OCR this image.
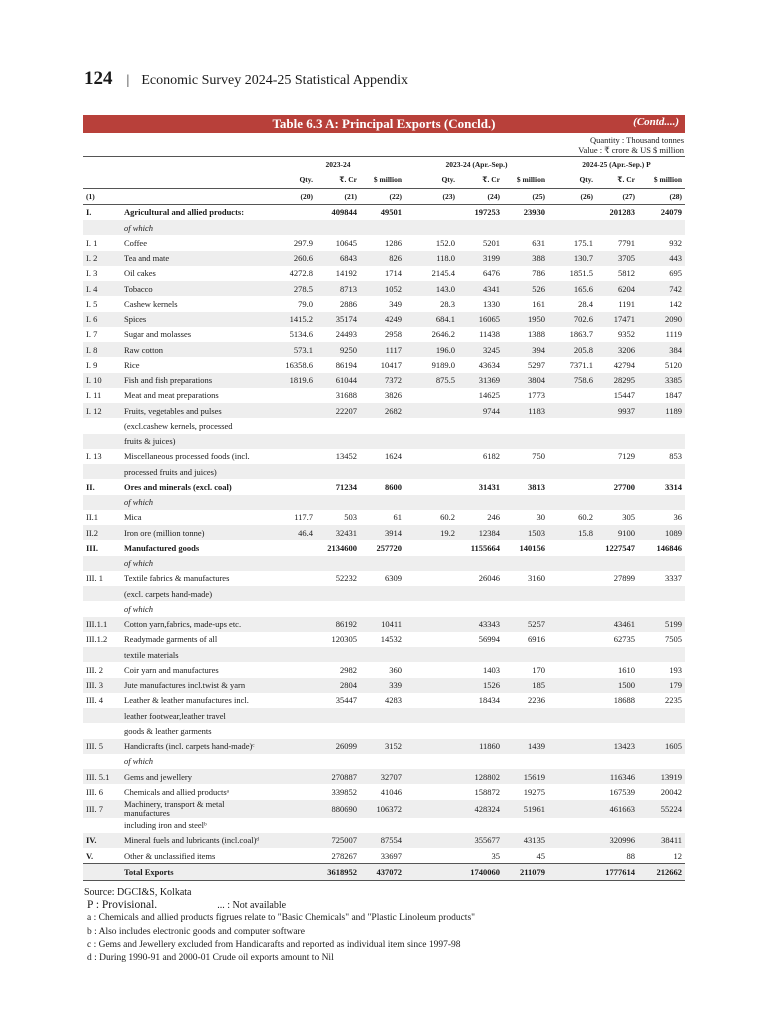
124 | Economic Survey 2024-25 Statistical Appendix
Table 6.3 A: Principal Exports (Concld.)	(Contd....)
Quantity : Thousand tonnes
Value : ₹ crore & US $ million
		2023-24			2023-24 (Apr.-Sep.)			2024-25 (Apr.-Sep.) P		
		Qty.	₹. Cr	$ million	Qty.	₹. Cr	$ million	Qty.	₹. Cr	$ million
(1)		(20)	(21)	(22)	(23)	(24)	(25)	(26)	(27)	(28)
I.	Agricultural and allied products:		409844	49501		197253	23930		201283	24079
	of which									
I. 1	Coffee	297.9	10645	1286	152.0	5201	631	175.1	7791	932
I. 2	Tea and mate	260.6	6843	826	118.0	3199	388	130.7	3705	443
I. 3	Oil cakes	4272.8	14192	1714	2145.4	6476	786	1851.5	5812	695
I. 4	Tobacco	278.5	8713	1052	143.0	4341	526	165.6	6204	742
I. 5	Cashew kernels	79.0	2886	349	28.3	1330	161	28.4	1191	142
I. 6	Spices	1415.2	35174	4249	684.1	16065	1950	702.6	17471	2090
I. 7	Sugar and molasses	5134.6	24493	2958	2646.2	11438	1388	1863.7	9352	1119
I. 8	Raw cotton	573.1	9250	1117	196.0	3245	394	205.8	3206	384
I. 9	Rice	16358.6	86194	10417	9189.0	43634	5297	7371.1	42794	5120
I. 10	Fish and fish preparations	1819.6	61044	7372	875.5	31369	3804	758.6	28295	3385
I. 11	Meat and meat preparations		31688	3826		14625	1773		15447	1847
I. 12	Fruits, vegetables and pulses		22207	2682		9744	1183		9937	1189
	(excl.cashew kernels, processed									
	fruits & juices)									
I. 13	Miscellaneous processed foods (incl.		13452	1624		6182	750		7129	853
	processed fruits and juices)									
II.	Ores and minerals (excl. coal)		71234	8600		31431	3813		27700	3314
	of which									
II.1	Mica	117.7	503	61	60.2	246	30	60.2	305	36
II.2	Iron ore (million tonne)	46.4	32431	3914	19.2	12384	1503	15.8	9100	1089
III.	Manufactured goods		2134600	257720		1155664	140156		1227547	146846
	of which									
III. 1	Textile fabrics & manufactures		52232	6309		26046	3160		27899	3337
	(excl. carpets hand-made)									
	of which									
III.1.1	Cotton yarn,fabrics, made-ups etc.		86192	10411		43343	5257		43461	5199
III.1.2	Readymade garments of all		120305	14532		56994	6916		62735	7505
	textile materials									
III. 2	Coir yarn and manufactures		2982	360		1403	170		1610	193
III. 3	Jute manufactures incl.twist & yarn		2804	339		1526	185		1500	179
III. 4	Leather & leather manufactures incl.		35447	4283		18434	2236		18688	2235
	leather footwear,leather travel									
	goods & leather garments									
III. 5	Handicrafts (incl. carpets hand-made)ᶜ		26099	3152		11860	1439		13423	1605
	of which									
III. 5.1	Gems and jewellery		270887	32707		128802	15619		116346	13919
III. 6	Chemicals and allied productsᵃ		339852	41046		158872	19275		167539	20042
III. 7	Machinery, transport & metal manufactures		880690	106372		428324	51961		461663	55224
	including iron and steelᵇ									
IV.	Mineral fuels and lubricants (incl.coal)ᵈ		725007	87554		355677	43135		320996	38411
V.	Other & unclassified items		278267	33697		35	45		88	12
	Total Exports		3618952	437072		1740060	211079		1777614	212662
Source: DGCI&S, Kolkata
P : Provisional.	... : Not available
a : Chemicals and allied products figrues relate to "Basic Chemicals" and "Plastic Linoleum products"
b : Also includes electronic goods and computer software
c : Gems and Jewellery excluded from Handicarafts and reported as individual item since 1997-98
d : During 1990-91 and 2000-01 Crude oil exports amount to Nil
